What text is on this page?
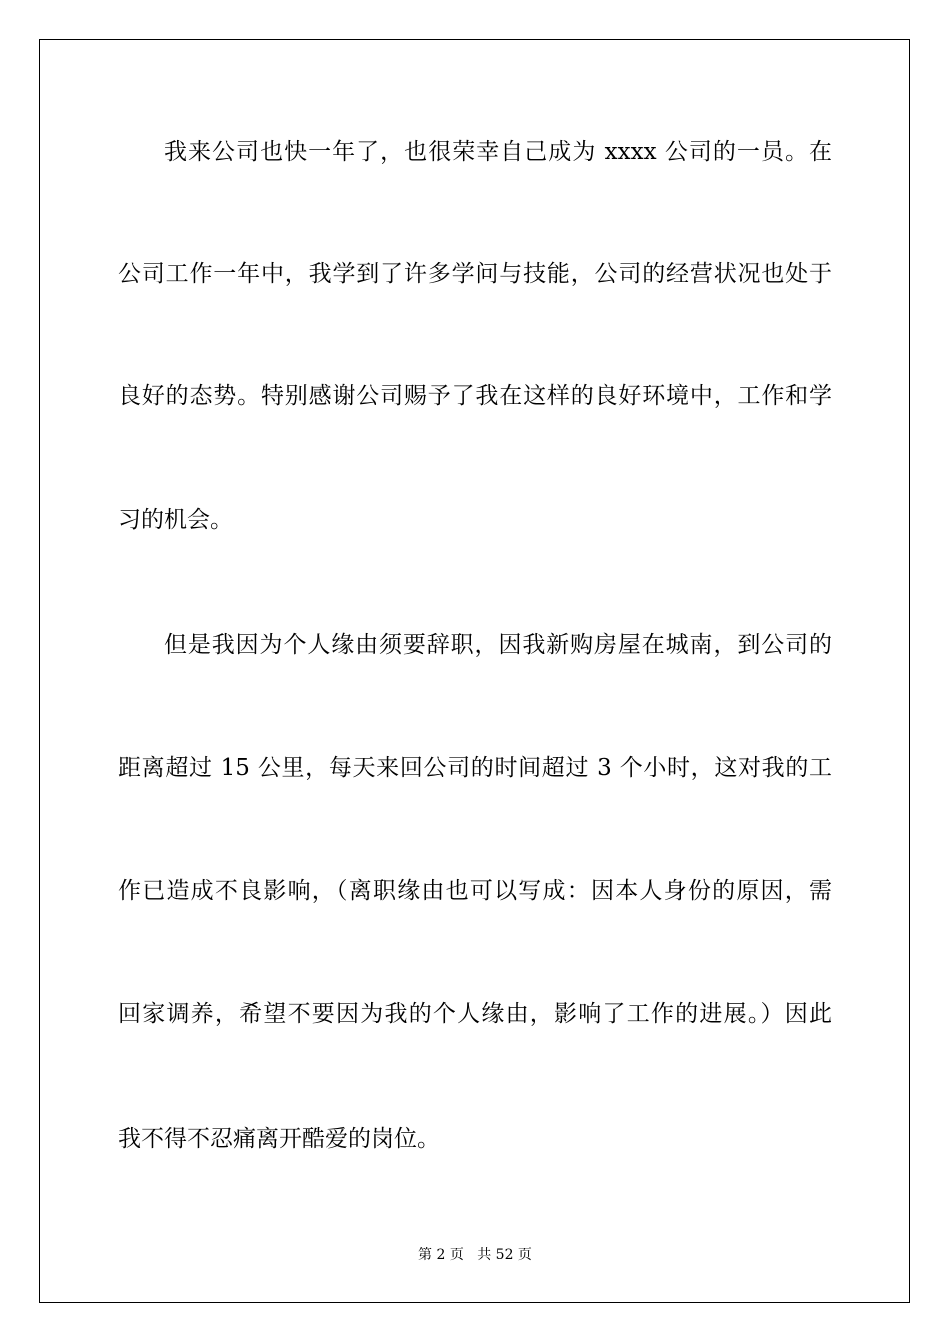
我来公司也快一年了，也很荣幸自己成为 xxxx 公司的一员。在
公司工作一年中，我学到了许多学问与技能，公司的经营状况也处于
良好的态势。特别感谢公司赐予了我在这样的良好环境中，工作和学
习的机会。
但是我因为个人缘由须要辞职，因我新购房屋在城南，到公司的
距离超过 15 公里，每天来回公司的时间超过 3 个小时，这对我的工
作已造成不良影响，（离职缘由也可以写成：因本人身份的原因，需
回家调养，希望不要因为我的个人缘由，影响了工作的进展。）因此
我不得不忍痛离开酷爱的岗位。
第 2 页 共 52 页
